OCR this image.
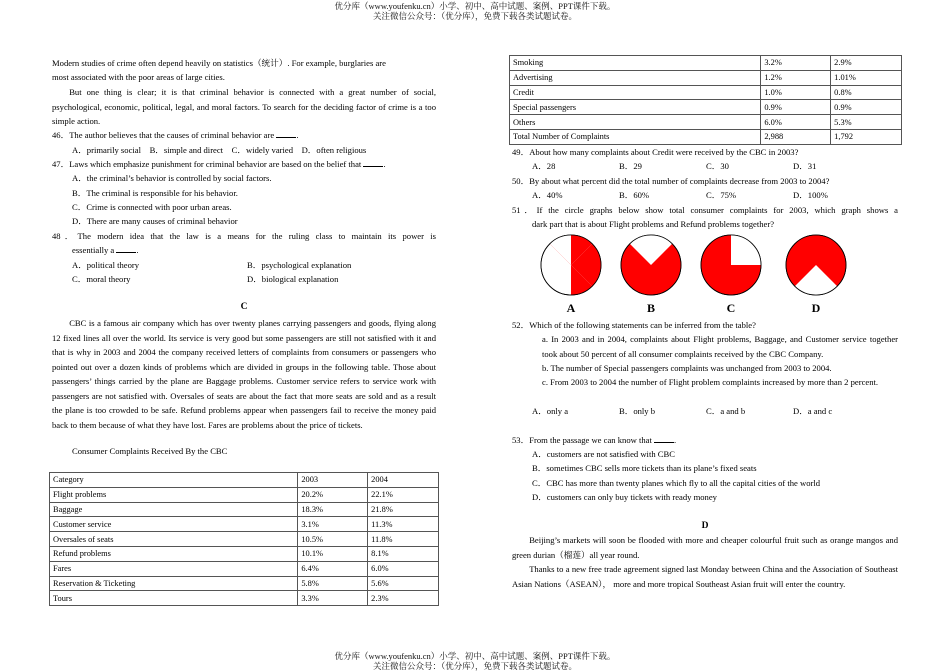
优分库（www.youfenku.cn）小学、初中、高中试题、案例、PPT课件下载。
关注微信公众号：（优分库），免费下载各类试题试卷。
优分库（www.youfenku.cn）小学、初中、高中试题、案例、PPT课件下载。
关注微信公众号：（优分库），免费下载各类试题试卷。
Modern studies of crime often depend heavily on statistics（统计）. For example, burglaries are
most associated with the poor areas of large cities.
But one thing is clear; it is that criminal behavior is connected with a great number of social, psychological, economic, political, legal, and moral factors. To search for the deciding factor of crime is a too simple action.
46．The author believes that the causes of criminal behavior are	.
A．primarily social　B．simple and direct　C．widely varied　D．often religious
47．Laws which emphasize punishment for criminal behavior are based on the belief that	.
A．the criminal’s behavior is controlled by social factors.
B．The criminal is responsible for his behavior.
C．Crime is connected with poor urban areas.
D．There are many causes of criminal behavior
48．The modern idea that the law is a means for the ruling class to maintain its power is
essentially a	.
A．political theory	B．psychological explanation
C．moral theory	D．biological explanation
C
CBC is a famous air company which has over twenty planes carrying passengers and goods, flying along 12 fixed lines all over the world. Its service is very good but some passengers are still not satisfied with it and that is why in 2003 and 2004 the company received letters of complaints from consumers or passengers who pointed out over a dozen kinds of problems which are divided in groups in the following table. Those about passengers’ things carried by the plane are Baggage problems. Customer service refers to service work with passengers are not satisfied with. Oversales of seats are about the fact that more seats are sold and as a result the plane is too crowded to be safe. Refund problems appear when passengers fail to receive the money paid back to them because of what they have lost. Fares are problems about the price of tickets.
Consumer Complaints Received By the CBC
Category	2003	2004
Flight problems	20.2%	22.1%
Baggage	18.3%	21.8%
Customer service	3.1%	11.3%
Oversales of seats	10.5%	11.8%
Refund problems	10.1%	8.1%
Fares	6.4%	6.0%
Reservation & Ticketing	5.8%	5.6%
Tours	3.3%	2.3%
Smoking	3.2%	2.9%
Advertising	1.2%	1.01%
Credit	1.0%	0.8%
Special passengers	0.9%	0.9%
Others	6.0%	5.3%
Total Number of Complaints	2,988	1,792
49．About how many complaints about Credit were received by the CBC in 2003?
A．28	B．29	C．30	D．31
50．By about what percent did the total number of complaints decrease from 2003 to 2004?
A．40%	B．60%	C．75%	D．100%
51．If the circle graphs below show total consumer complaints for 2003, which graph shows a
dark part that is about Flight problems and Refund problems together?
A	B	C	D
52．Which of the following statements can be inferred from the table?
a. In 2003 and in 2004, complaints about Flight problems, Baggage, and Customer service together took about 50 percent of all consumer complaints received by the CBC Company.
b. The number of Special passengers complaints was unchanged from 2003 to 2004.
c. From 2003 to 2004 the number of Flight problem complaints increased by more than 2 percent.
A．only a	B．only b	C．a and b	D．a and c
53．From the passage we can know that	.
A．customers are not satisfied with CBC
B．sometimes CBC sells more tickets than its plane’s fixed seats
C．CBC has more than twenty planes which fly to all the capital cities of the world
D．customers can only buy tickets with ready money
D
Beijing’s markets will soon be flooded with more and cheaper colourful fruit such as orange mangos and green durian（榴莲）all year round.
Thanks to a new free trade agreement signed last Monday between China and the Association of Southeast Asian Nations（ASEAN）， more and more tropical Southeast Asian fruit will enter the country.
